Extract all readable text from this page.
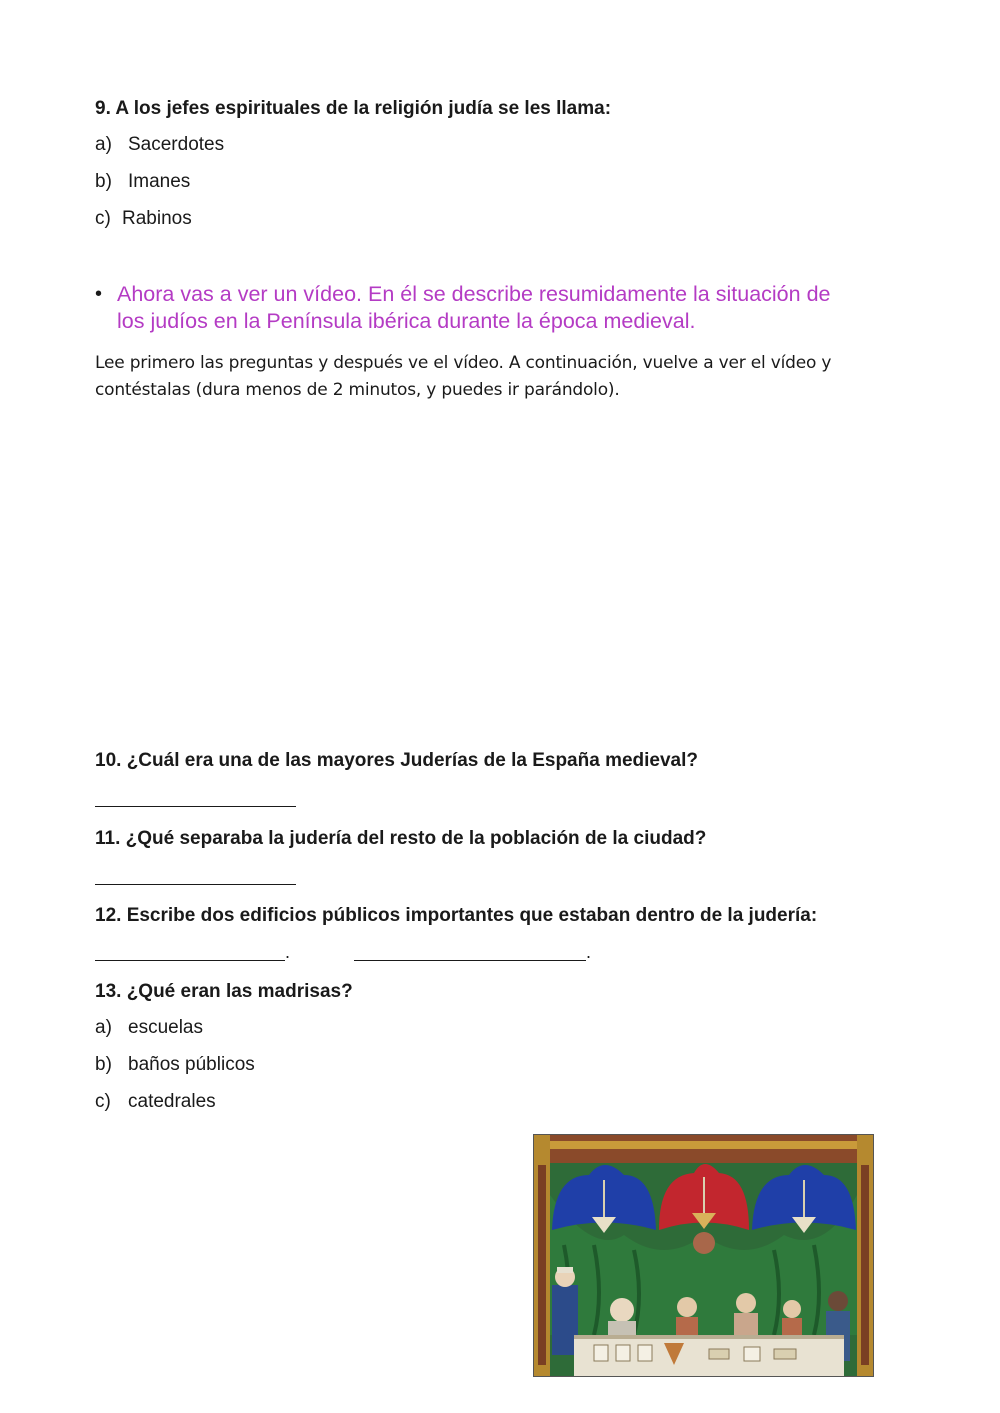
9. A los jefes espirituales de la religión judía se les llama:
a) Sacerdotes
b) Imanes
c) Rabinos
• Ahora vas a ver un vídeo. En él se describe resumidamente la situación de
los judíos en la Península ibérica durante la época medieval.
Lee primero las preguntas y después ve el vídeo. A continuación, vuelve a ver el vídeo y
contéstalas (dura menos de 2 minutos, y puedes ir parándolo).
10. ¿Cuál era una de las mayores Juderías de la España medieval?
11. ¿Qué separaba la judería del resto de la población de la ciudad?
12. Escribe dos edificios públicos importantes que estaban dentro de la judería:
.	.
13. ¿Qué eran las madrisas?
a) escuelas
b) baños públicos
c) catedrales
